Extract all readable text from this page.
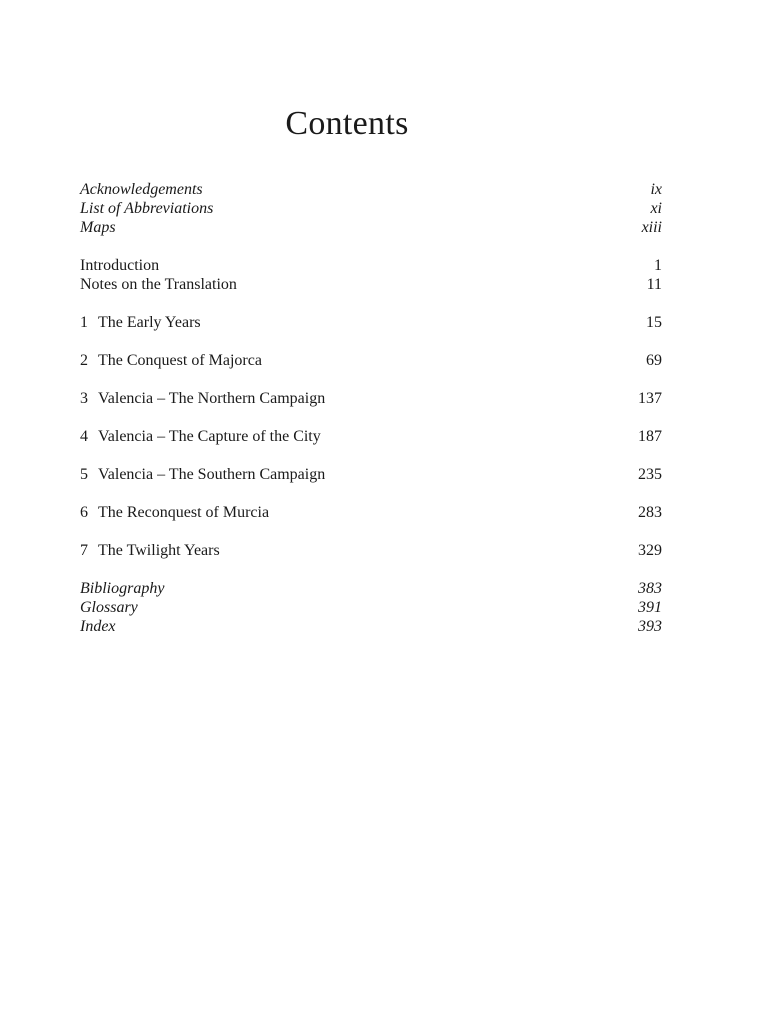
Contents
Acknowledgements	ix
List of Abbreviations	xi
Maps	xiii
Introduction	1
Notes on the Translation	11
1 The Early Years	15
2 The Conquest of Majorca	69
3 Valencia – The Northern Campaign	137
4 Valencia – The Capture of the City	187
5 Valencia – The Southern Campaign	235
6 The Reconquest of Murcia	283
7 The Twilight Years	329
Bibliography	383
Glossary	391
Index	393
